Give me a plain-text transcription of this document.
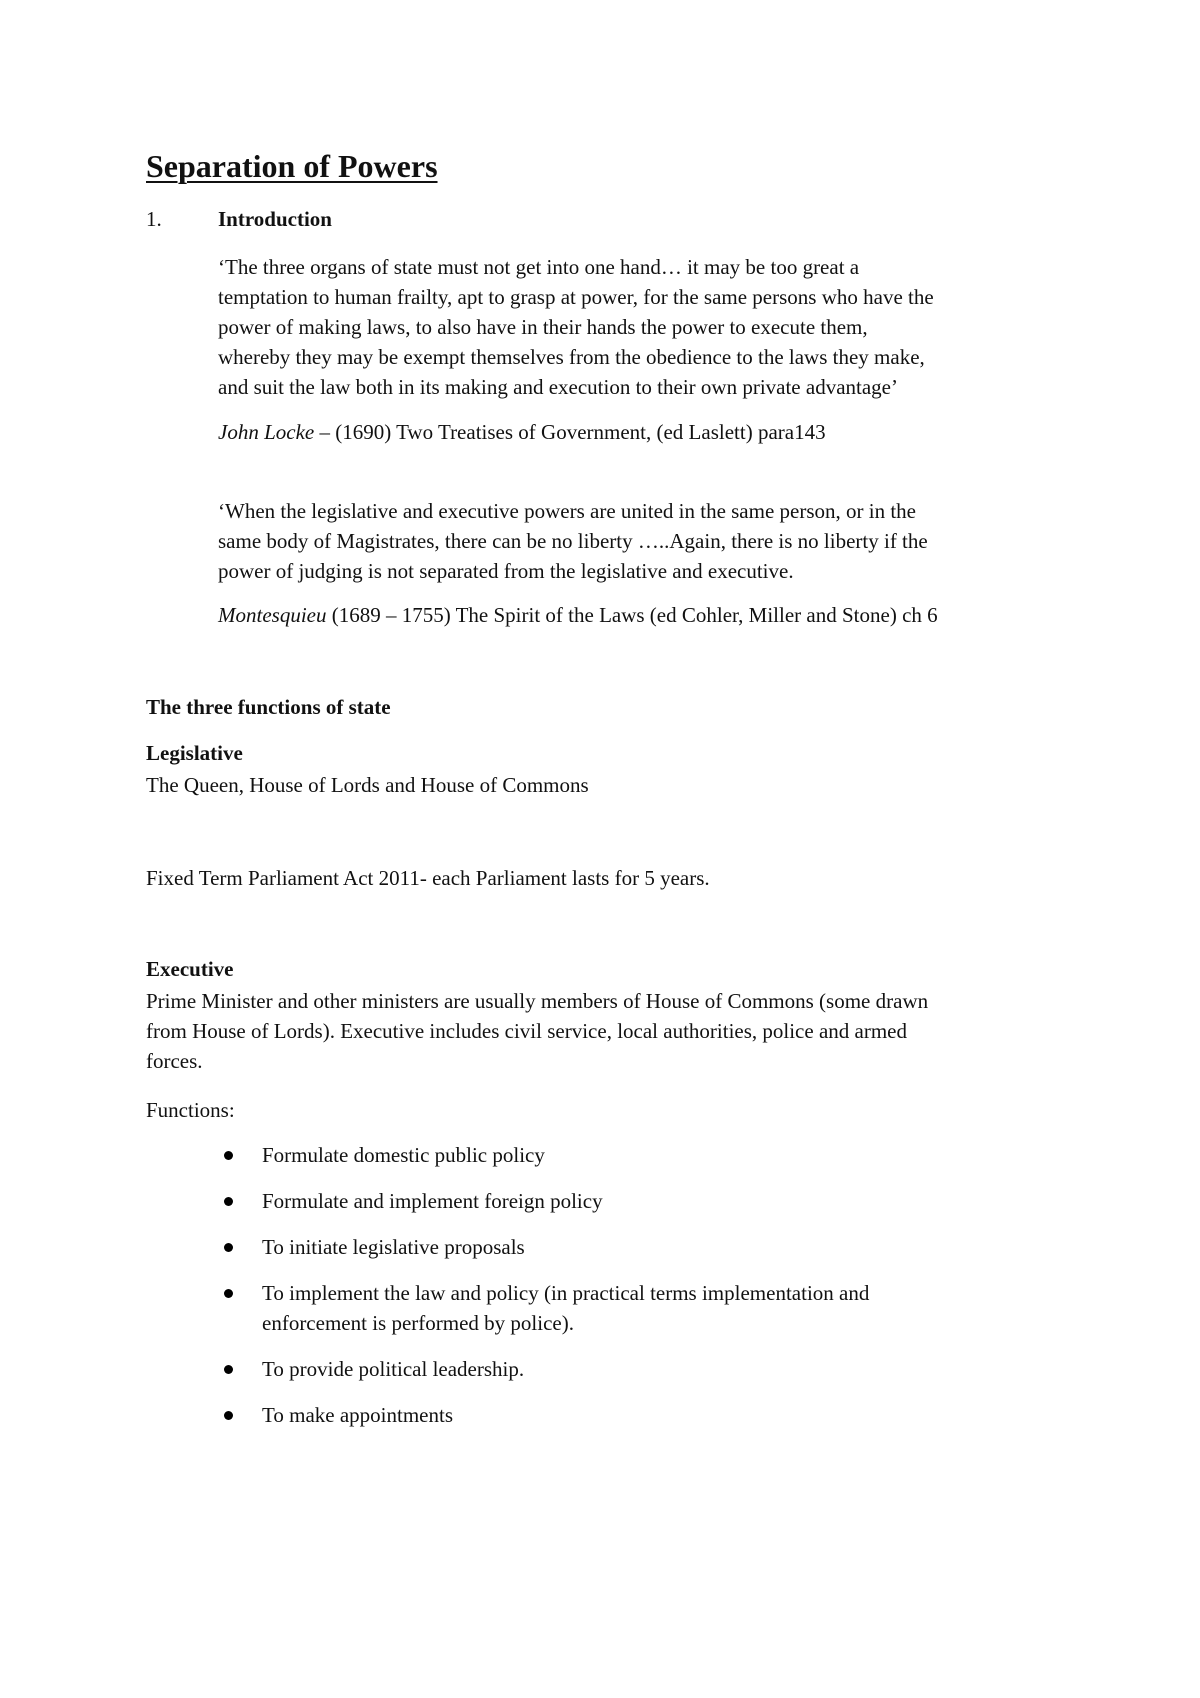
Separation of Powers
1.	Introduction
‘The three organs of state must not get into one hand… it may be too great a
temptation to human frailty, apt to grasp at power, for the same persons who have the
power of making laws, to also have in their hands the power to execute them,
whereby they may be exempt themselves from the obedience to the laws they make,
and suit the law both in its making and execution to their own private advantage’
John Locke – (1690) Two Treatises of Government, (ed Laslett) para143
‘When the legislative and executive powers are united in the same person, or in the
same body of Magistrates, there can be no liberty …..Again, there is no liberty if the
power of judging is not separated from the legislative and executive.
Montesquieu (1689 – 1755) The Spirit of the Laws (ed Cohler, Miller and Stone) ch 6
The three functions of state
Legislative
The Queen, House of Lords and House of Commons
Fixed Term Parliament Act 2011- each Parliament lasts for 5 years.
Executive
Prime Minister and other ministers are usually members of House of Commons (some drawn
from House of Lords). Executive includes civil service, local authorities, police and armed
forces.
Functions:
Formulate domestic public policy
Formulate and implement foreign policy
To initiate legislative proposals
To implement the law and policy (in practical terms implementation and
enforcement is performed by police).
To provide political leadership.
To make appointments
